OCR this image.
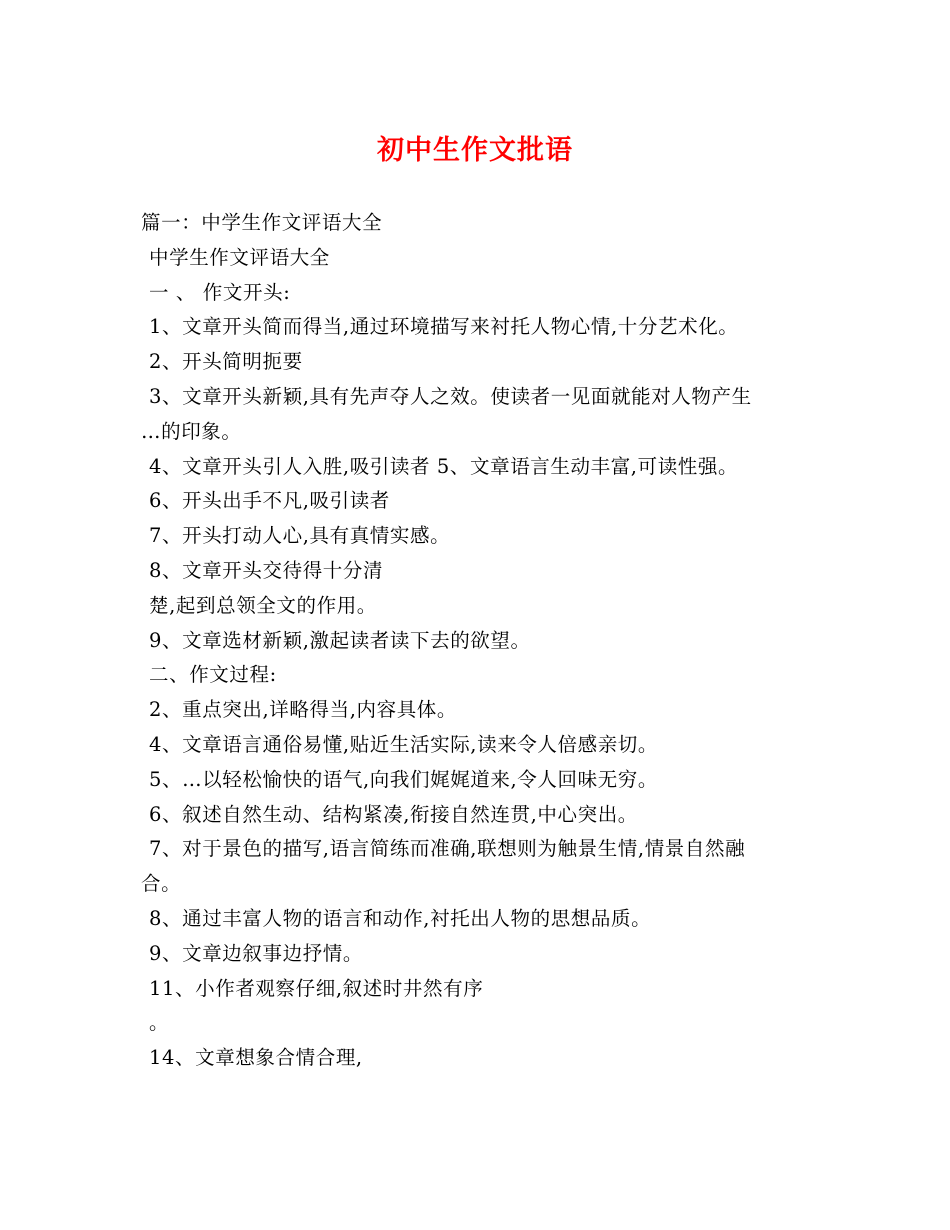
初中生作文批语
篇一：中学生作文评语大全
中学生作文评语大全
一 、 作文开头:
1、文章开头简而得当,通过环境描写来衬托人物心情,十分艺术化。
2、开头简明扼要
3、文章开头新颖,具有先声夺人之效。使读者一见面就能对人物产生
…的印象。
4、文章开头引人入胜,吸引读者 5、文章语言生动丰富,可读性强。
6、开头出手不凡,吸引读者
7、开头打动人心,具有真情实感。
8、文章开头交待得十分清
楚,起到总领全文的作用。
9、文章选材新颖,激起读者读下去的欲望。
二、作文过程:
2、重点突出,详略得当,内容具体。
4、文章语言通俗易懂,贴近生活实际,读来令人倍感亲切。
5、…以轻松愉快的语气,向我们娓娓道来,令人回味无穷。
6、叙述自然生动、结构紧凑,衔接自然连贯,中心突出。
7、对于景色的描写,语言简练而准确,联想则为触景生情,情景自然融
合。
8、通过丰富人物的语言和动作,衬托出人物的思想品质。
9、文章边叙事边抒情。
11、小作者观察仔细,叙述时井然有序
。
14、文章想象合情合理,
